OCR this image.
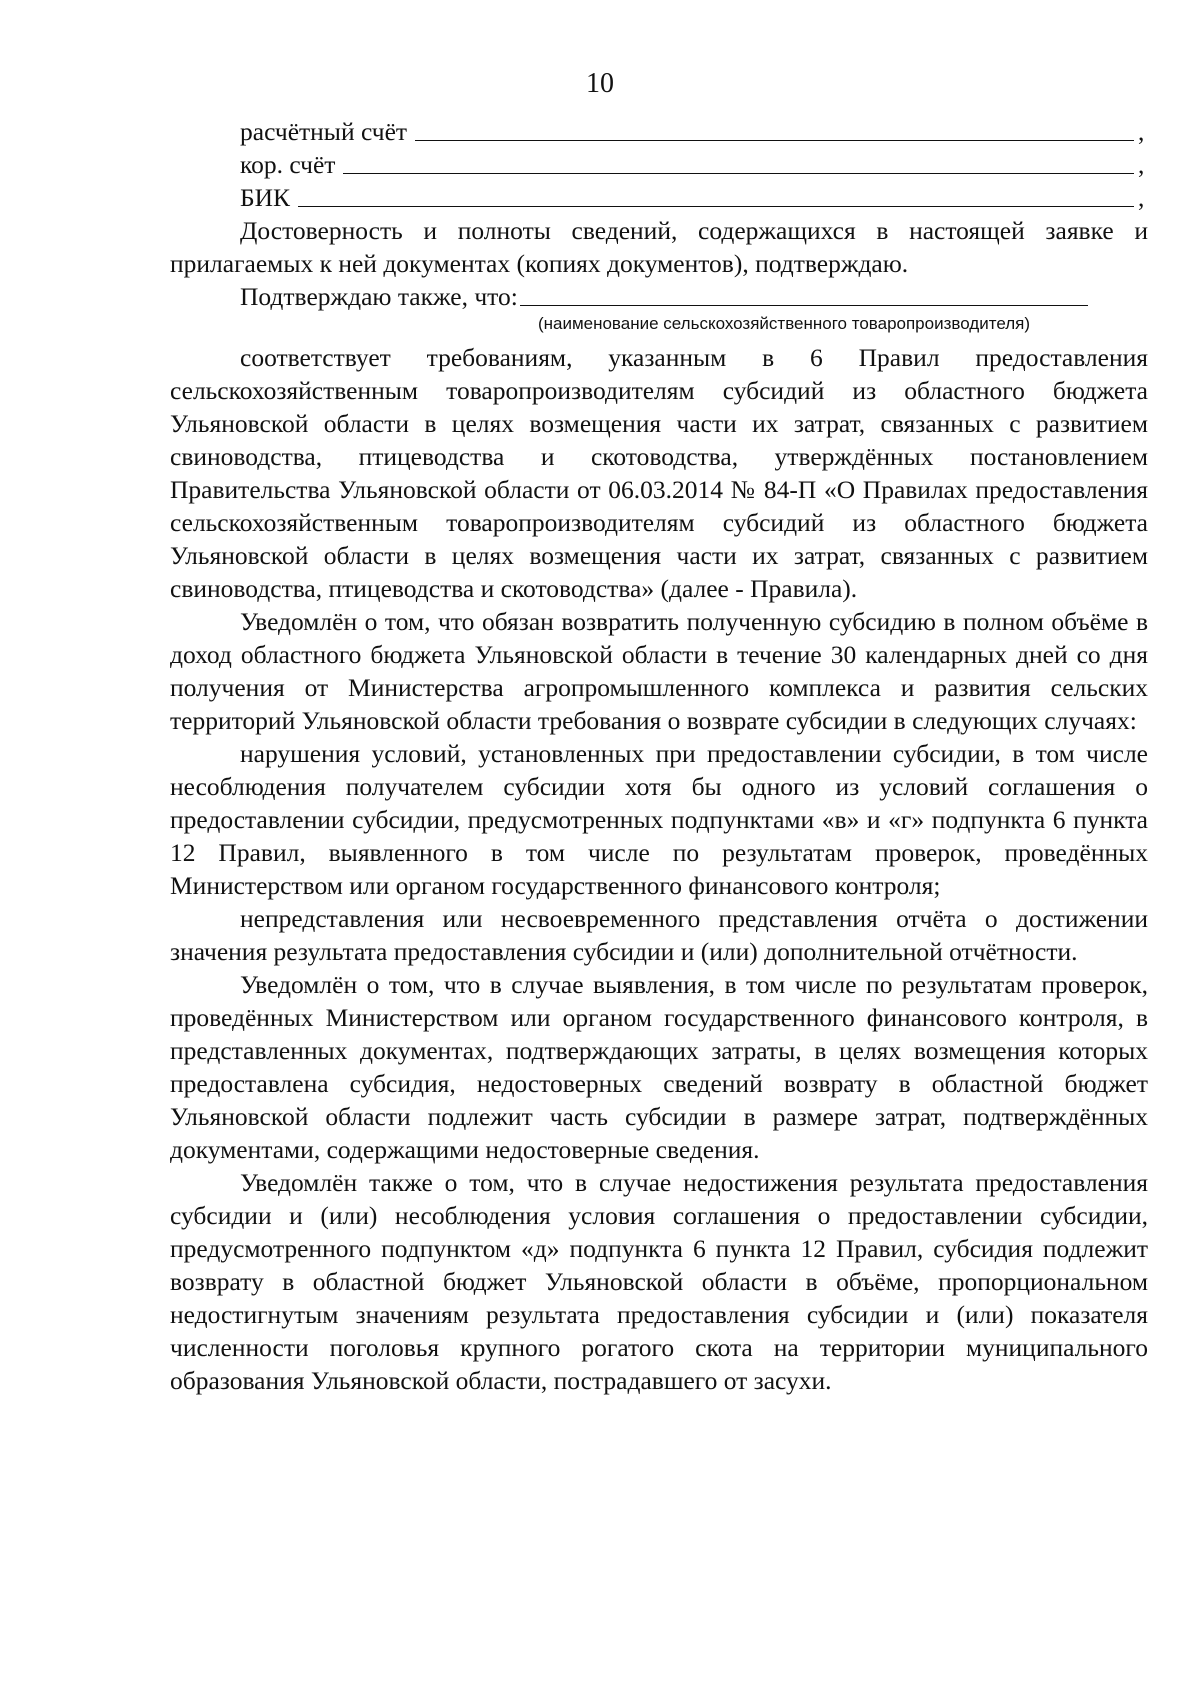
10
расчётный счёт	,
кор. счёт	,
БИК	,

Достоверность и полноты сведений, содержащихся в настоящей заявке и прилагаемых к ней документах (копиях документов), подтверждаю.

Подтверждаю также, что:
(наименование сельскохозяйственного товаропроизводителя)

соответствует требованиям, указанным в 6 Правил предоставления сельскохозяйственным товаропроизводителям субсидий из областного бюджета Ульяновской области в целях возмещения части их затрат, связанных с развитием свиноводства, птицеводства и скотоводства, утверждённых постановлением Правительства Ульяновской области от 06.03.2014 № 84-П «О Правилах предоставления сельскохозяйственным товаропроизводителям субсидий из областного бюджета Ульяновской области в целях возмещения части их затрат, связанных с развитием свиноводства, птицеводства и скотоводства» (далее - Правила).

Уведомлён о том, что обязан возвратить полученную субсидию в полном объёме в доход областного бюджета Ульяновской области в течение 30 календарных дней со дня получения от Министерства агропромышленного комплекса и развития сельских территорий Ульяновской области требования о возврате субсидии в следующих случаях:

нарушения условий, установленных при предоставлении субсидии, в том числе несоблюдения получателем субсидии хотя бы одного из условий соглашения о предоставлении субсидии, предусмотренных подпунктами «в» и «г» подпункта 6 пункта 12 Правил, выявленного в том числе по результатам проверок, проведённых Министерством или органом государственного финансового контроля;

непредставления или несвоевременного представления отчёта о достижении значения результата предоставления субсидии и (или) дополнительной отчётности.

Уведомлён о том, что в случае выявления, в том числе по результатам проверок, проведённых Министерством или органом государственного финансового контроля, в представленных документах, подтверждающих затраты, в целях возмещения которых предоставлена субсидия, недостоверных сведений возврату в областной бюджет Ульяновской области подлежит часть субсидии в размере затрат, подтверждённых документами, содержащими недостоверные сведения.

Уведомлён также о том, что в случае недостижения результата предоставления субсидии и (или) несоблюдения условия соглашения о предоставлении субсидии, предусмотренного подпунктом «д» подпункта 6 пункта 12 Правил, субсидия подлежит возврату в областной бюджет Ульяновской области в объёме, пропорциональном недостигнутым значениям результата предоставления субсидии и (или) показателя численности поголовья крупного рогатого скота на территории муниципального образования Ульяновской области, пострадавшего от засухи.
